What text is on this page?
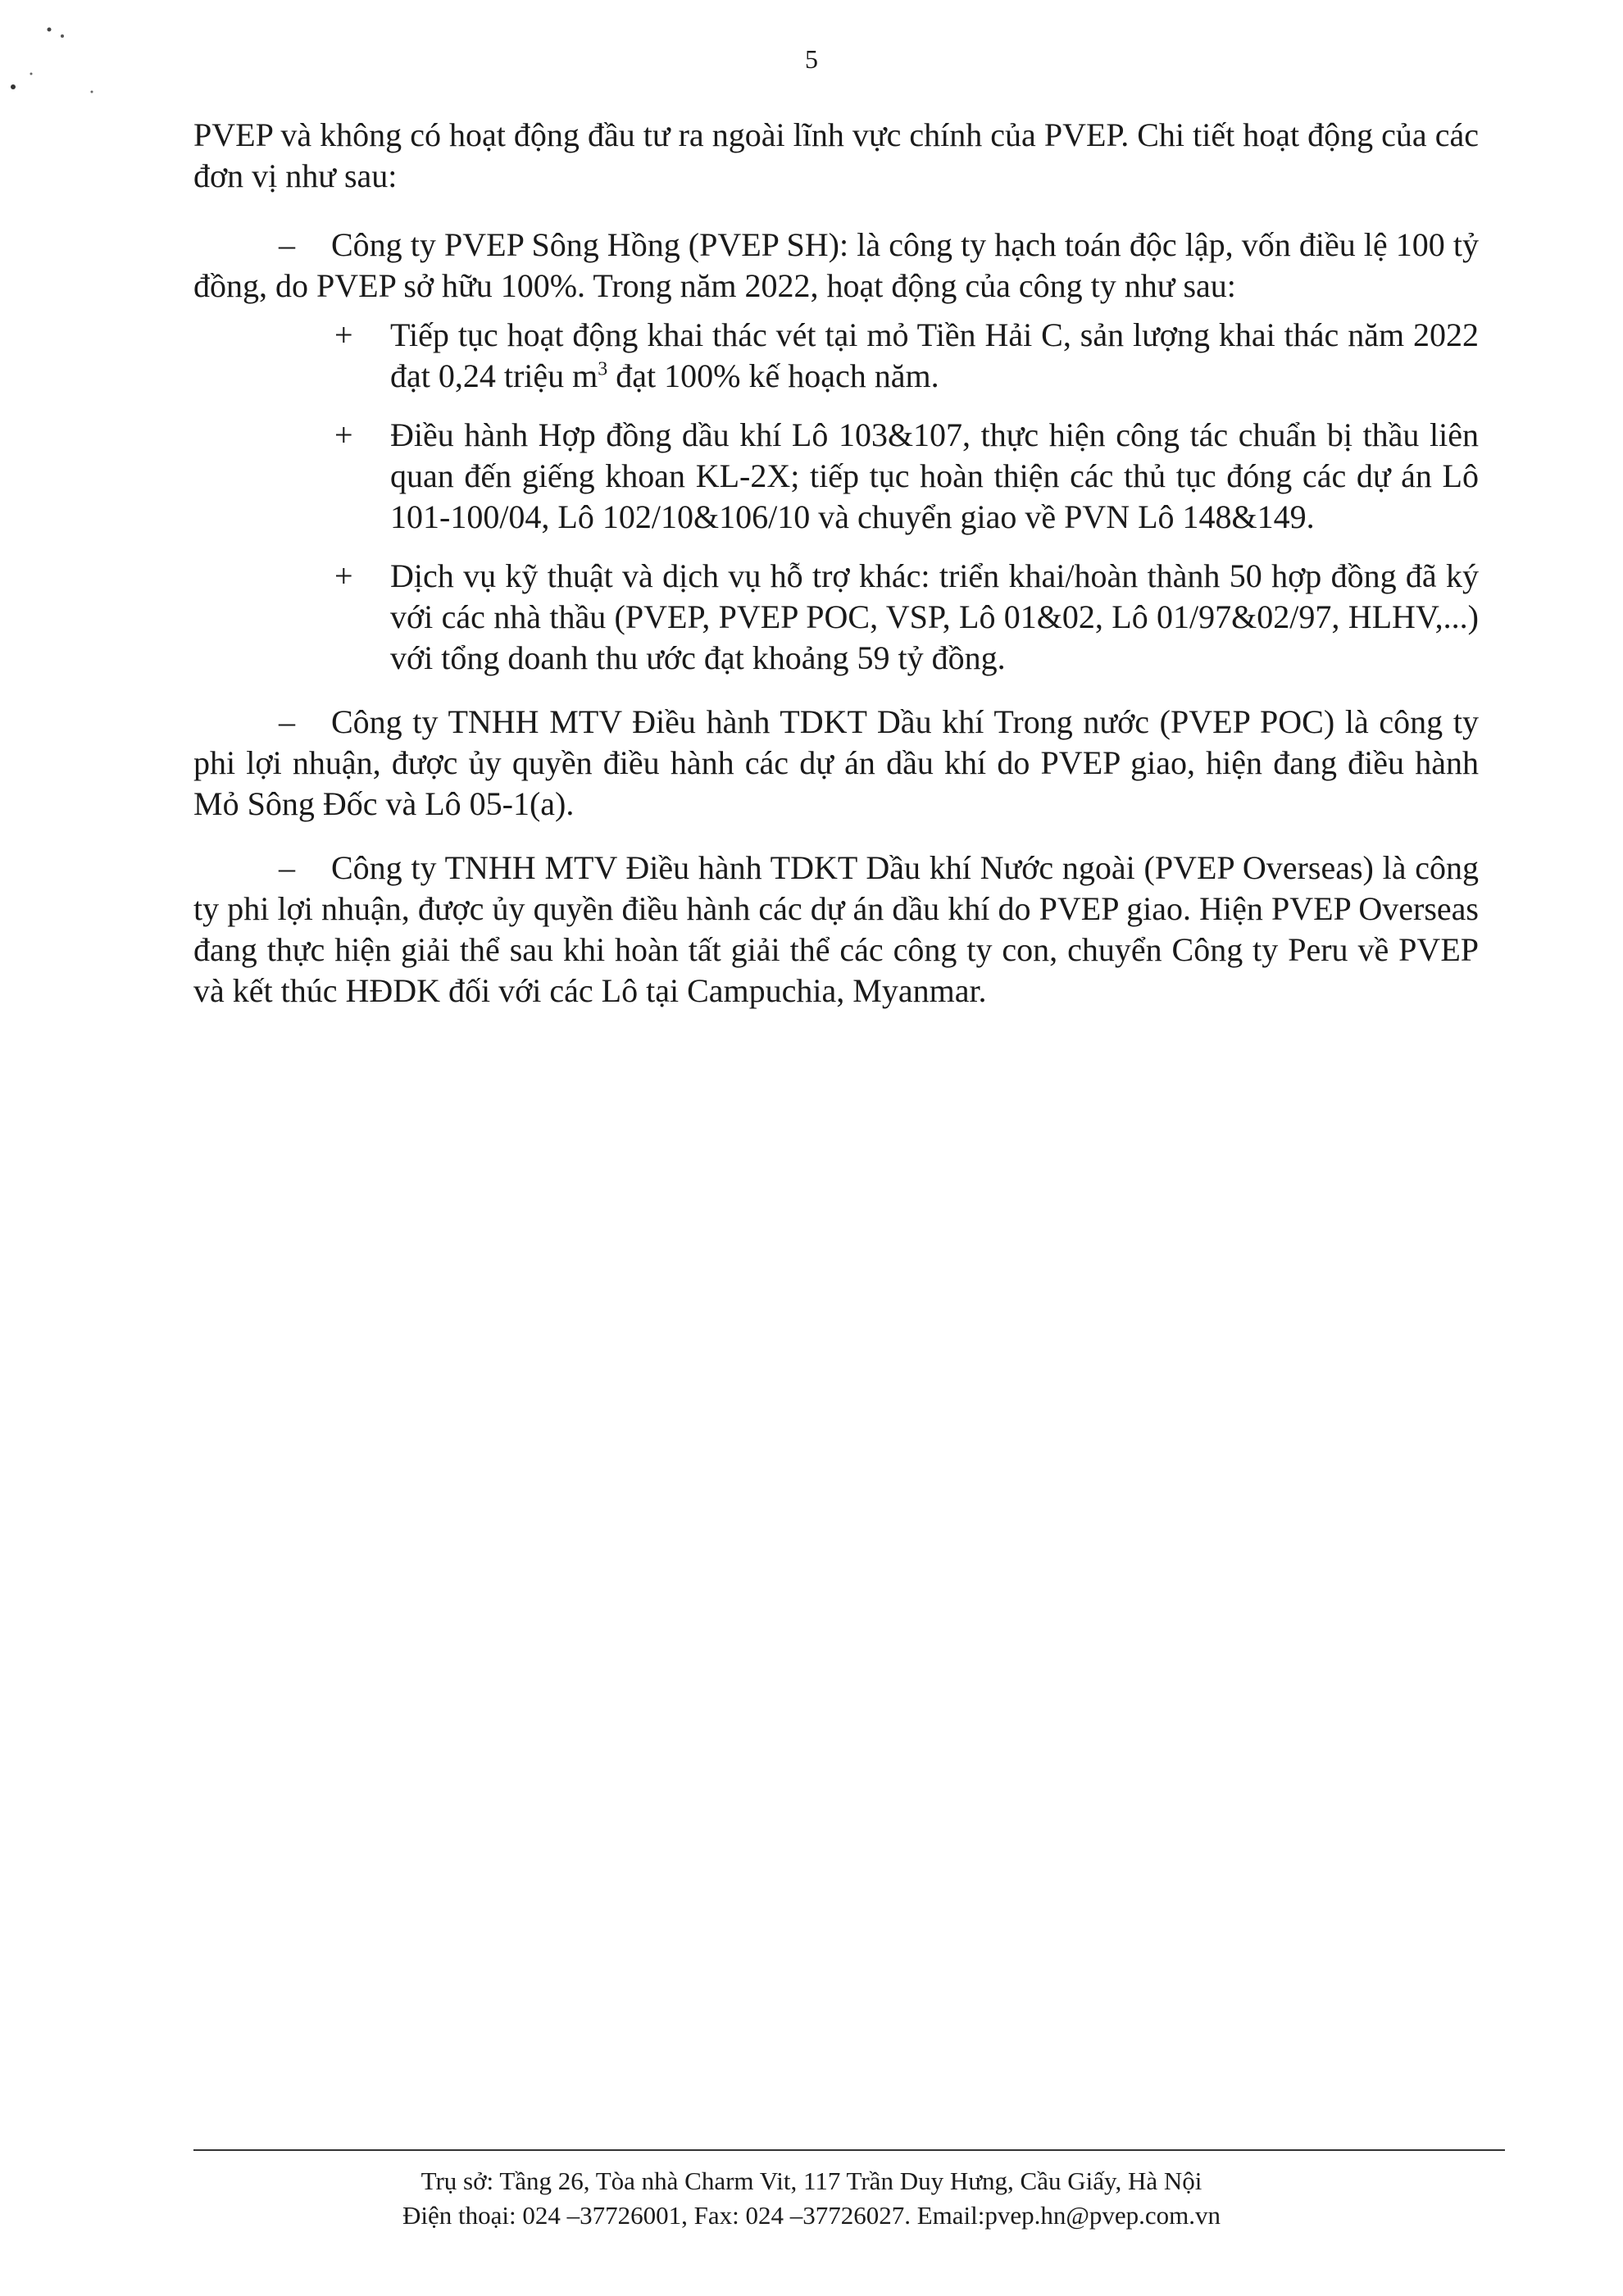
5

PVEP và không có hoạt động đầu tư ra ngoài lĩnh vực chính của PVEP. Chi tiết hoạt động của các đơn vị như sau:

– Công ty PVEP Sông Hồng (PVEP SH): là công ty hạch toán độc lập, vốn điều lệ 100 tỷ đồng, do PVEP sở hữu 100%. Trong năm 2022, hoạt động của công ty như sau:

+ Tiếp tục hoạt động khai thác vét tại mỏ Tiền Hải C, sản lượng khai thác năm 2022 đạt 0,24 triệu $m^3$ đạt 100% kế hoạch năm.
+ Điều hành Hợp đồng dầu khí Lô 103&107, thực hiện công tác chuẩn bị thầu liên quan đến giếng khoan KL-2X; tiếp tục hoàn thiện các thủ tục đóng các dự án Lô 101-100/04, Lô 102/10&106/10 và chuyển giao về PVN Lô 148&149.
+ Dịch vụ kỹ thuật và dịch vụ hỗ trợ khác: triển khai/hoàn thành 50 hợp đồng đã ký với các nhà thầu (PVEP, PVEP POC, VSP, Lô 01&02, Lô 01/97&02/97, HLHV,...) với tổng doanh thu ước đạt khoảng 59 tỷ đồng.

– Công ty TNHH MTV Điều hành TDKT Dầu khí Trong nước (PVEP POC) là công ty phi lợi nhuận, được ủy quyền điều hành các dự án dầu khí do PVEP giao, hiện đang điều hành Mỏ Sông Đốc và Lô 05-1(a).

– Công ty TNHH MTV Điều hành TDKT Dầu khí Nước ngoài (PVEP Overseas) là công ty phi lợi nhuận, được ủy quyền điều hành các dự án dầu khí do PVEP giao. Hiện PVEP Overseas đang thực hiện giải thể sau khi hoàn tất giải thể các công ty con, chuyển Công ty Peru về PVEP và kết thúc HĐDK đối với các Lô tại Campuchia, Myanmar.

Trụ sở: Tầng 26, Tòa nhà Charm Vit, 117 Trần Duy Hưng, Cầu Giấy, Hà Nội
Điện thoại: 024 –37726001, Fax: 024 –37726027. Email:pvep.hn@pvep.com.vn
